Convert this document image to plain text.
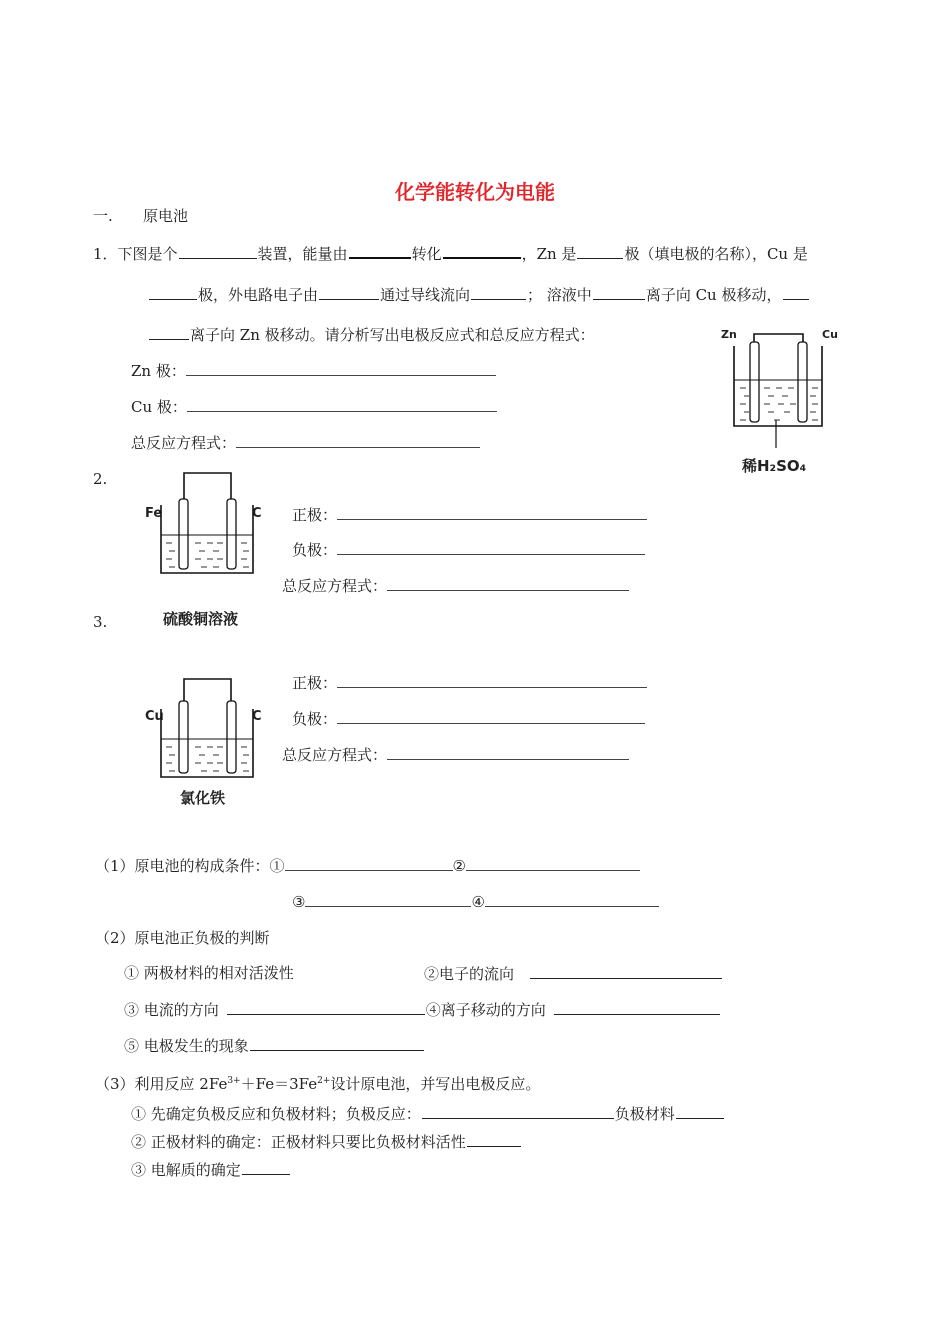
化学能转化为电能
一. 原电池
1．下图是个	装置，能量由	转化	，Zn 是	极（填电极的名称），Cu 是
极，外电路电子由	通过导线流向	； 溶液中	离子向 Cu 极移动，
离子向 Zn 极移动。请分析写出电极反应式和总反应方程式：
Zn 极：
Cu 极：
总反应方程式：
Zn	Cu
稀H₂SO₄
2.
Fe	C 正极：
负极：
总反应方程式：
3.	硫酸铜溶液
Cu	C
氯化铁
正极：
负极：
总反应方程式：
（1）原电池的构成条件：①	②
③	④
（2）原电池正负极的判断
① 两极材料的相对活泼性	②电子的流向
③ 电流的方向	④离子移动的方向
⑤ 电极发生的现象
（3）利用反应 $2Fe^{3+}+Fe=3Fe^{2+}$设计原电池，并写出电极反应。
① 先确定负极反应和负极材料；负极反应：	负极材料
② 正极材料的确定：正极材料只要比负极材料活性
③ 电解质的确定
